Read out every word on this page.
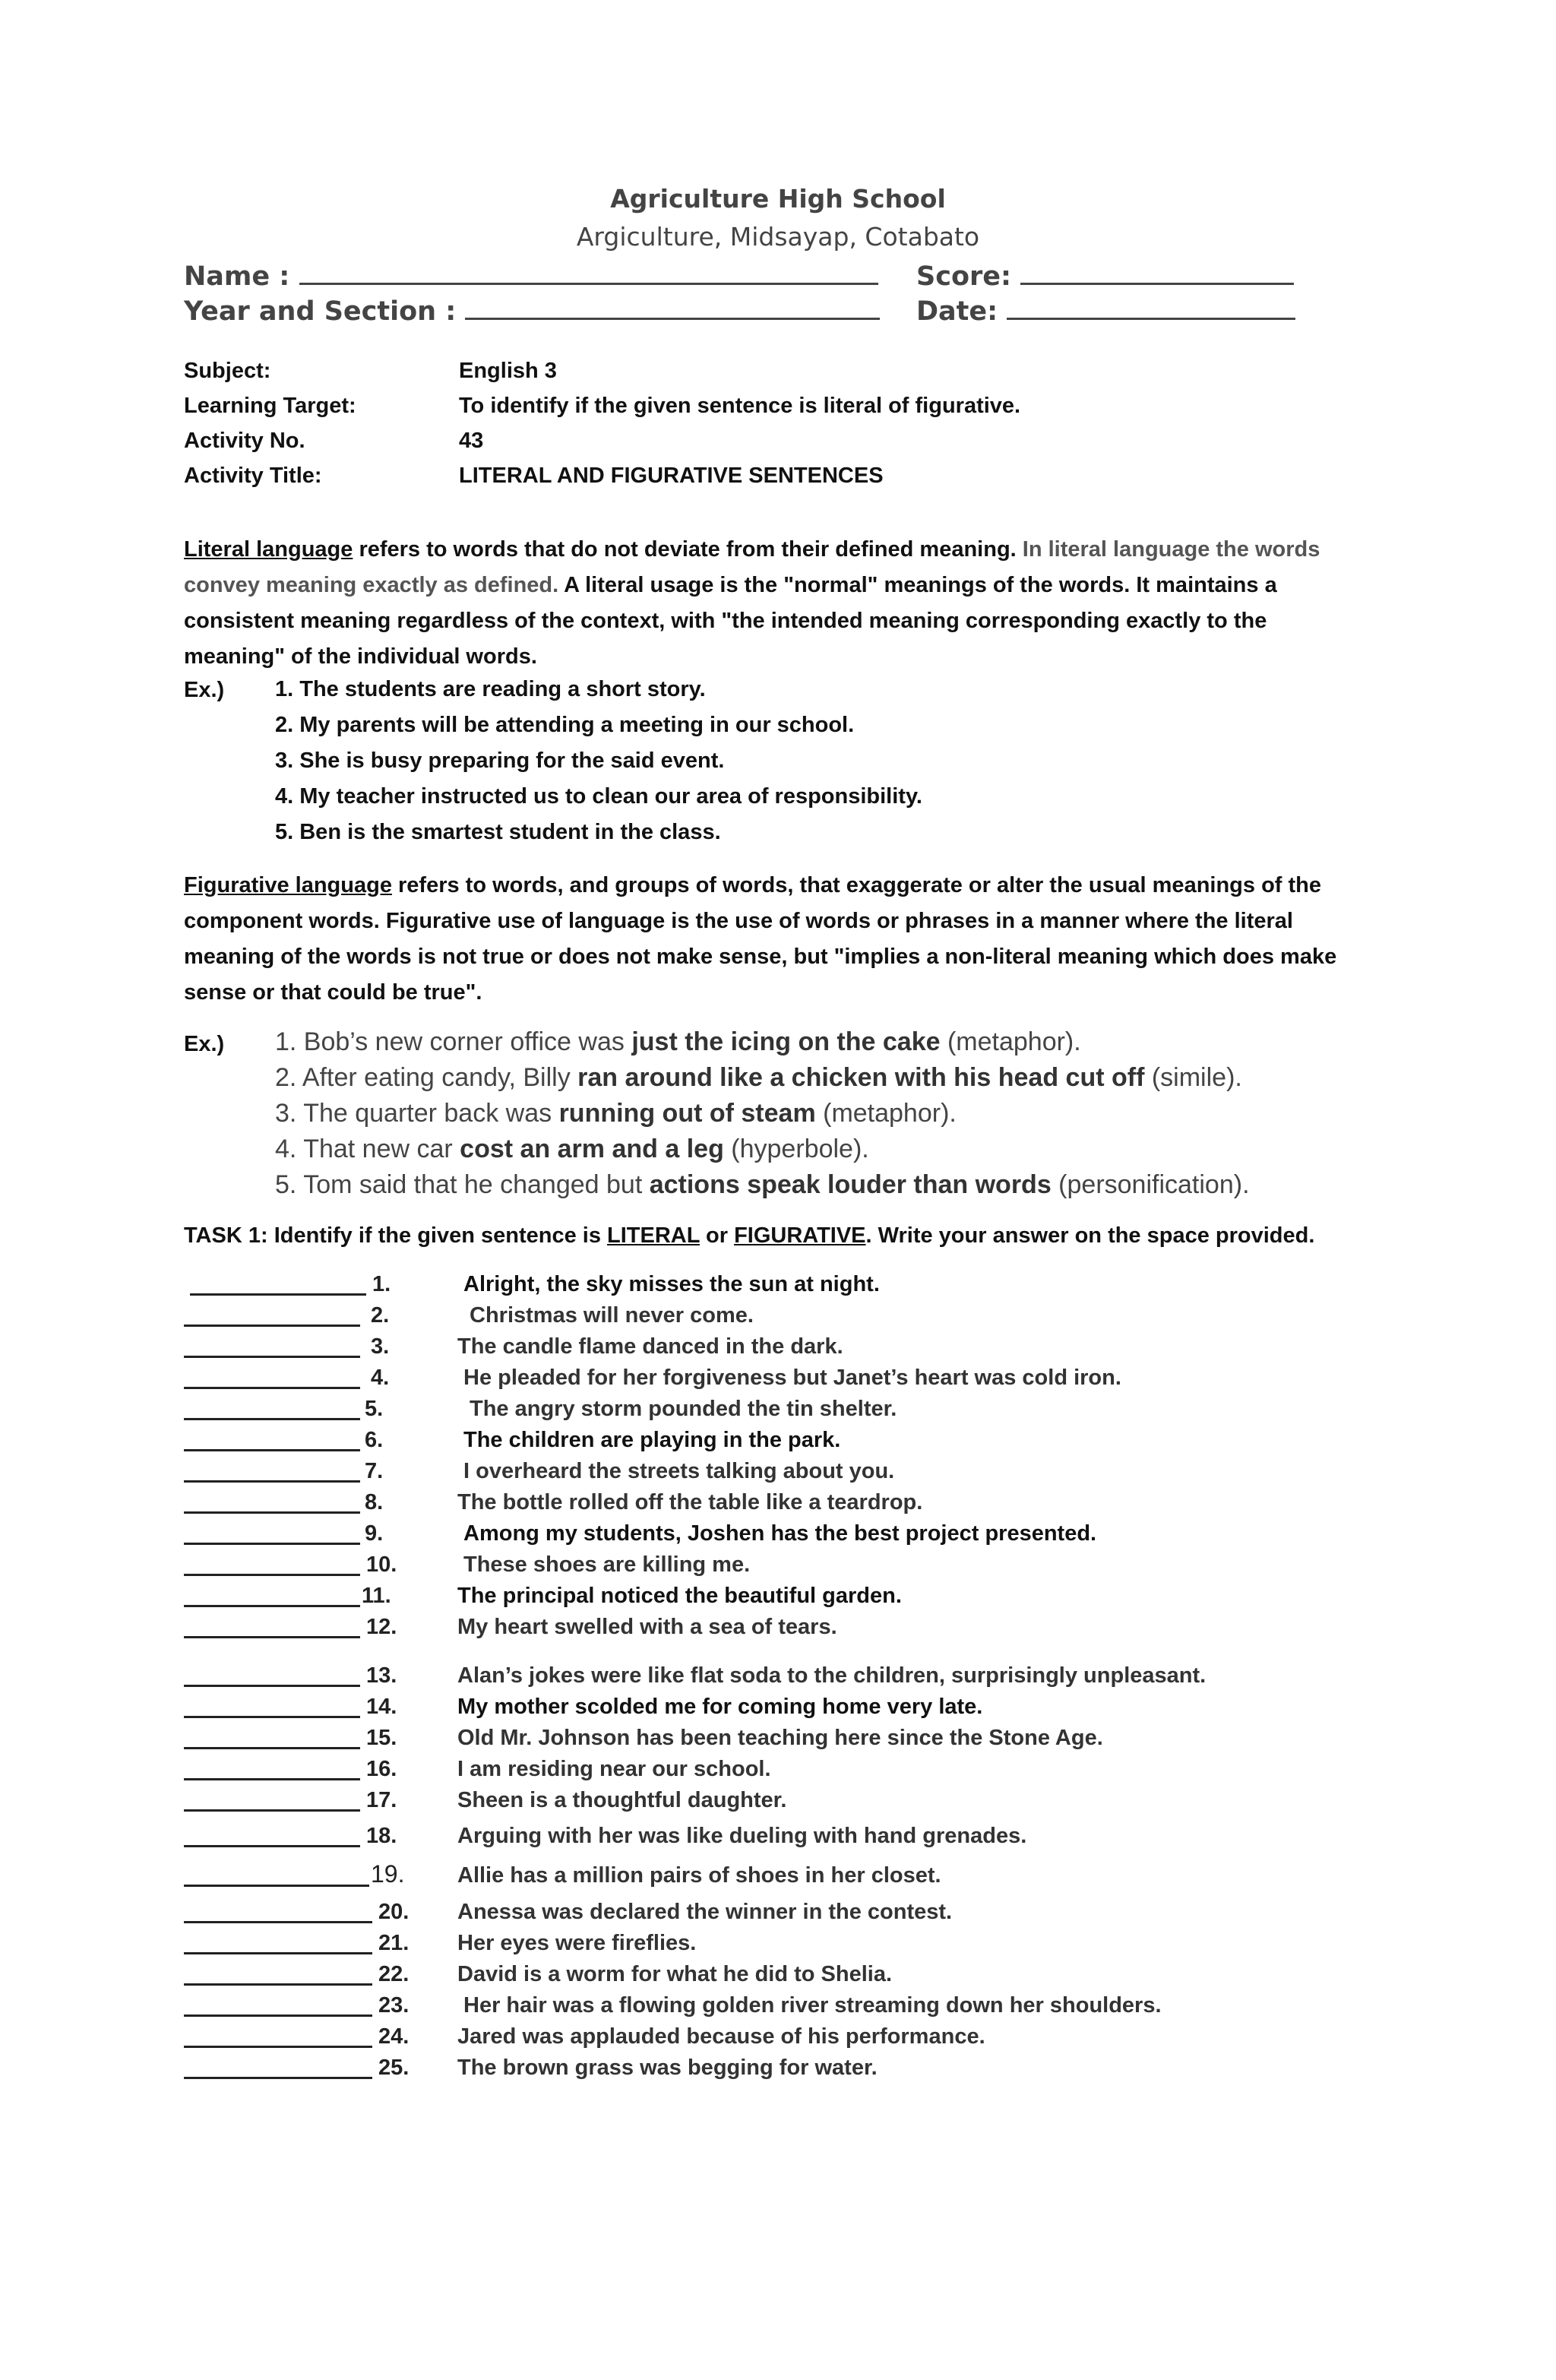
Agriculture High School
Argiculture, Midsayap, Cotabato
Name :	Score:
Year and Section :	Date:
Subject:	English 3
Learning Target:	To identify if the given sentence is literal of figurative.
Activity No.	43
Activity Title:	LITERAL AND FIGURATIVE SENTENCES
Literal language refers to words that do not deviate from their defined meaning. In literal language the words convey meaning exactly as defined. A literal usage is the "normal" meanings of the words. It maintains a consistent meaning regardless of the context, with "the intended meaning corresponding exactly to the meaning" of the individual words.
Ex.) 1. The students are reading a short story.
2. My parents will be attending a meeting in our school.
3. She is busy preparing for the said event.
4. My teacher instructed us to clean our area of responsibility.
5. Ben is the smartest student in the class.
Figurative language refers to words, and groups of words, that exaggerate or alter the usual meanings of the component words. Figurative use of language is the use of words or phrases in a manner where the literal meaning of the words is not true or does not make sense, but "implies a non-literal meaning which does make sense or that could be true".
Ex.) 1. Bob’s new corner office was just the icing on the cake (metaphor).
2. After eating candy, Billy ran around like a chicken with his head cut off (simile).
3. The quarter back was running out of steam (metaphor).
4. That new car cost an arm and a leg (hyperbole).
5. Tom said that he changed but actions speak louder than words (personification).
TASK 1: Identify if the given sentence is LITERAL or FIGURATIVE. Write your answer on the space provided.
1.	Alright, the sky misses the sun at night.
2.	Christmas will never come.
3.	The candle flame danced in the dark.
4.	He pleaded for her forgiveness but Janet’s heart was cold iron.
5.	The angry storm pounded the tin shelter.
6.	The children are playing in the park.
7.	I overheard the streets talking about you.
8.	The bottle rolled off the table like a teardrop.
9.	Among my students, Joshen has the best project presented.
10.	These shoes are killing me.
11.	The principal noticed the beautiful garden.
12.	My heart swelled with a sea of tears.
13.	Alan’s jokes were like flat soda to the children, surprisingly unpleasant.
14.	My mother scolded me for coming home very late.
15.	Old Mr. Johnson has been teaching here since the Stone Age.
16.	I am residing near our school.
17.	Sheen is a thoughtful daughter.
18.	Arguing with her was like dueling with hand grenades.
19. Allie has a million pairs of shoes in her closet.
20. Anessa was declared the winner in the contest.
21. Her eyes were fireflies.
22. David is a worm for what he did to Shelia.
23. Her hair was a flowing golden river streaming down her shoulders.
24. Jared was applauded because of his performance.
25. The brown grass was begging for water.
